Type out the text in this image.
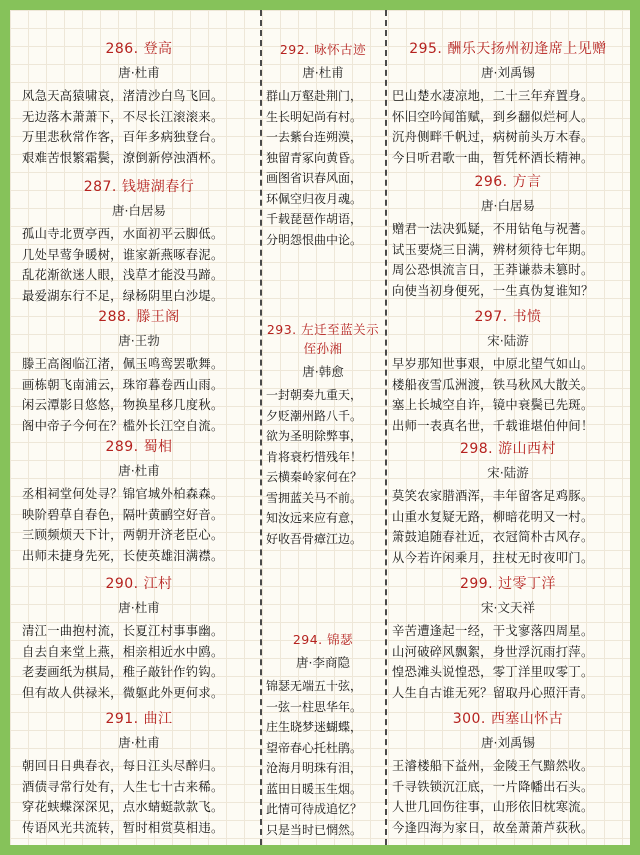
286. 登高
唐·杜甫
风急天高猿啸哀，渚清沙白鸟飞回。
无边落木萧萧下，不尽长江滚滚来。
万里悲秋常作客，百年多病独登台。
艰难苦恨繁霜鬓，潦倒新停浊酒杯。
287. 钱塘湖春行
唐·白居易
孤山寺北贾亭西，水面初平云脚低。
几处早莺争暖树，谁家新燕啄春泥。
乱花渐欲迷人眼，浅草才能没马蹄。
最爱湖东行不足，绿杨阴里白沙堤。
288. 滕王阁
唐·王勃
滕王高阁临江渚，佩玉鸣鸾罢歌舞。
画栋朝飞南浦云，珠帘暮卷西山雨。
闲云潭影日悠悠，物换星移几度秋。
阁中帝子今何在？槛外长江空自流。
289. 蜀相
唐·杜甫
丞相祠堂何处寻？锦官城外柏森森。
映阶碧草自春色，隔叶黄鹂空好音。
三顾频烦天下计，两朝开济老臣心。
出师未捷身先死，长使英雄泪满襟。
290. 江村
唐·杜甫
清江一曲抱村流，长夏江村事事幽。
自去自来堂上燕，相亲相近水中鸥。
老妻画纸为棋局，稚子敲针作钓钩。
但有故人供禄米，微躯此外更何求。
291. 曲江
唐·杜甫
朝回日日典春衣，每日江头尽醉归。
酒债寻常行处有，人生七十古来稀。
穿花蛱蝶深深见，点水蜻蜓款款飞。
传语风光共流转，暂时相赏莫相违。
292. 咏怀古迹
唐·杜甫
群山万壑赴荆门，
生长明妃尚有村。
一去紫台连朔漠，
独留青冢向黄昏。
画图省识春风面，
环佩空归夜月魂。
千载琵琶作胡语，
分明怨恨曲中论。
293. 左迁至蓝关示侄孙湘
唐·韩愈
一封朝奏九重天，
夕贬潮州路八千。
欲为圣明除弊事，
肯将衰朽惜残年！
云横秦岭家何在？
雪拥蓝关马不前。
知汝远来应有意，
好收吾骨瘴江边。
294. 锦瑟
唐·李商隐
锦瑟无端五十弦，
一弦一柱思华年。
庄生晓梦迷蝴蝶，
望帝春心托杜鹃。
沧海月明珠有泪，
蓝田日暖玉生烟。
此情可待成追忆？
只是当时已惘然。
295. 酬乐天扬州初逢席上见赠
唐·刘禹锡
巴山楚水凄凉地，二十三年弃置身。
怀旧空吟闻笛赋，到乡翻似烂柯人。
沉舟侧畔千帆过，病树前头万木春。
今日听君歌一曲，暂凭杯酒长精神。
296. 方言
唐·白居易
赠君一法决狐疑，不用钻龟与祝蓍。
试玉要烧三日满，辨材须待七年期。
周公恐惧流言日，王莽谦恭未篡时。
向使当初身便死，一生真伪复谁知？
297. 书愤
宋·陆游
早岁那知世事艰，中原北望气如山。
楼船夜雪瓜洲渡，铁马秋风大散关。
塞上长城空自许，镜中衰鬓已先斑。
出师一表真名世，千载谁堪伯仲间！
298. 游山西村
宋·陆游
莫笑农家腊酒浑，丰年留客足鸡豚。
山重水复疑无路，柳暗花明又一村。
箫鼓追随春社近，衣冠简朴古风存。
从今若许闲乘月，拄杖无时夜叩门。
299. 过零丁洋
宋·文天祥
辛苦遭逢起一经，干戈寥落四周星。
山河破碎风飘絮，身世浮沉雨打萍。
惶恐滩头说惶恐，零丁洋里叹零丁。
人生自古谁无死？留取丹心照汗青。
300. 西塞山怀古
唐·刘禹锡
王濬楼船下益州，金陵王气黯然收。
千寻铁锁沉江底，一片降幡出石头。
人世几回伤往事，山形依旧枕寒流。
今逢四海为家日，故垒萧萧芦荻秋。
